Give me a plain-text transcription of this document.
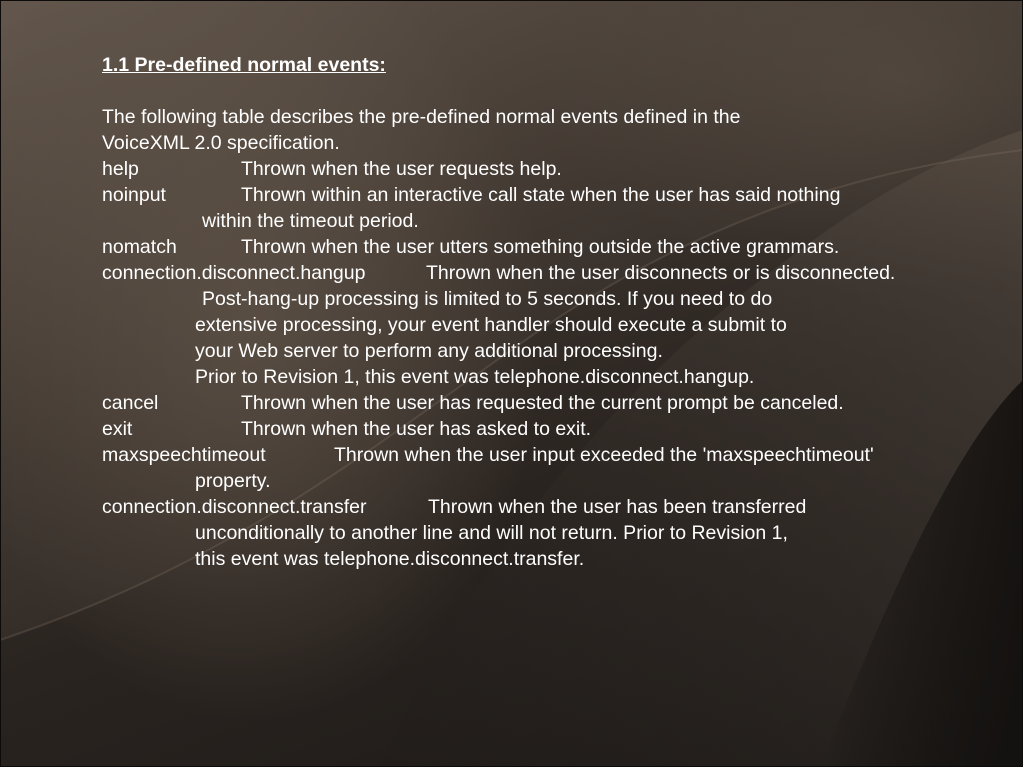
1.1 Pre-defined normal events:
The following table describes the pre-defined normal events defined in the
VoiceXML 2.0 specification.
help	Thrown when the user requests help.
noinput	Thrown within an interactive call state when the user has said nothing
within the timeout period.
nomatch	Thrown when the user utters something outside the active grammars.
connection.disconnect.hangup	Thrown when the user disconnects or is disconnected.
Post-hang-up processing is limited to 5 seconds. If you need to do
extensive processing, your event handler should execute a submit to
your Web server to perform any additional processing.
Prior to Revision 1, this event was telephone.disconnect.hangup.
cancel	Thrown when the user has requested the current prompt be canceled.
exit	Thrown when the user has asked to exit.
maxspeechtimeout	Thrown when the user input exceeded the 'maxspeechtimeout'
property.
connection.disconnect.transfer	Thrown when the user has been transferred
unconditionally to another line and will not return. Prior to Revision 1,
this event was telephone.disconnect.transfer.
